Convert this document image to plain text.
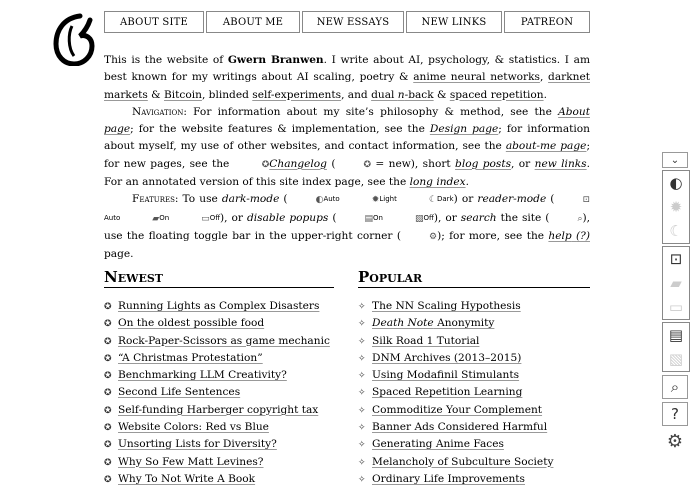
ABOUT SITE	ABOUT ME	NEW ESSAYS	NEW LINKS	PATREON

This is the website of Gwern Branwen. I write about AI, psychology, & statistics. I am best known for my writings about AI scaling, poetry & anime neural networks, darknet markets & Bitcoin, blinded self-experiments, and dual n-back & spaced repetition.

Navigation: For information about my site’s philosophy & method, see the About page; for the website features & implementation, see the Design page; for information about myself, my use of other websites, and contact information, see the about-me page; for new pages, see the	✪Changelog (	✪ = new), short blog posts, or new links. For an annotated version of this site index page, see the long index.

Features: To use dark-mode (	◐Auto	✹Light	☾Dark) or reader-mode (	⊡Auto	▰On	▭Off), or disable popups (	▤On	▧Off), or search the site (	⌕), use the floating toggle bar in the upper-right corner (	⚙); for more, see the help (?) page.

Newest
✪ Running Lights as Complex Disasters
✪ On the oldest possible food
✪ Rock-Paper-Scissors as game mechanic
✪ “A Christmas Protestation”
✪ Benchmarking LLM Creativity?
✪ Second Life Sentences
✪ Self-funding Harberger copyright tax
✪ Website Colors: Red vs Blue
✪ Unsorting Lists for Diversity?
✪ Why So Few Matt Levines?
✪ Why To Not Write A Book
Popular
✧ The NN Scaling Hypothesis
✧ Death Note Anonymity
✧ Silk Road 1 Tutorial
✧ DNM Archives (2013–2015)
✧ Using Modafinil Stimulants
✧ Spaced Repetition Learning
✧ Commoditize Your Complement
✧ Banner Ads Considered Harmful
✧ Generating Anime Faces
✧ Melancholy of Subculture Society
✧ Ordinary Life Improvements
⌄
◐
✹
☾
⊡
▰
▭
▤
▧
⌕
?
⚙
